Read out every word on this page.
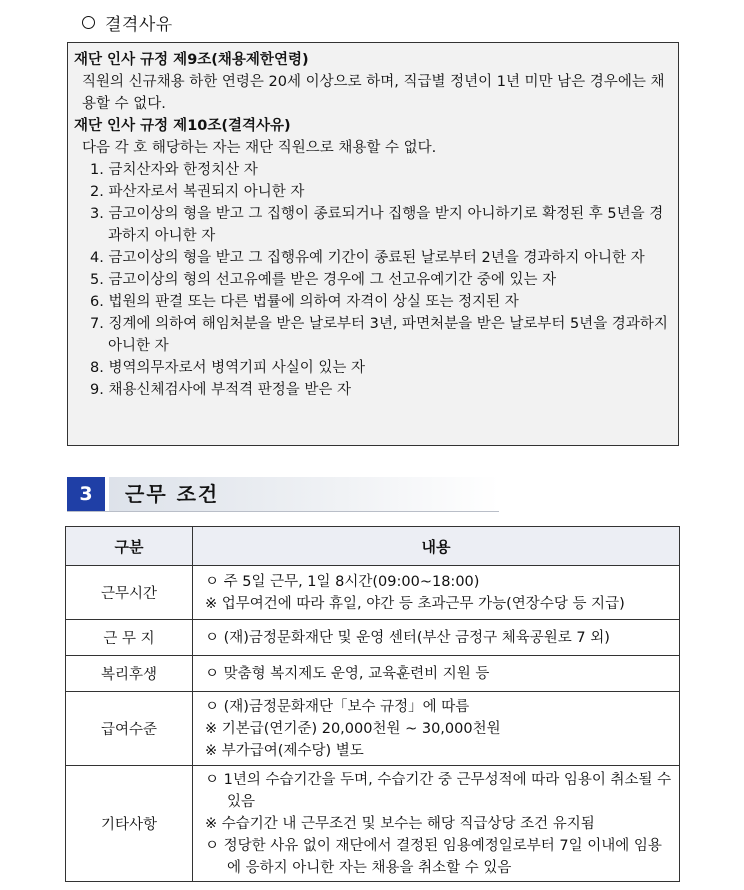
결격사유
재단 인사 규정 제9조(채용제한연령)
직원의 신규채용 하한 연령은 20세 이상으로 하며, 직급별 정년이 1년 미만 남은 경우에는 채용할 수 없다.
재단 인사 규정 제10조(결격사유)
다음 각 호 해당하는 자는 재단 직원으로 채용할 수 없다.
1. 금치산자와 한정치산 자
2. 파산자로서 복권되지 아니한 자
3. 금고이상의 형을 받고 그 집행이 종료되거나 집행을 받지 아니하기로 확정된 후 5년을 경과하지 아니한 자
4. 금고이상의 형을 받고 그 집행유예 기간이 종료된 날로부터 2년을 경과하지 아니한 자
5. 금고이상의 형의 선고유예를 받은 경우에 그 선고유예기간 중에 있는 자
6. 법원의 판결 또는 다른 법률에 의하여 자격이 상실 또는 정지된 자
7. 징계에 의하여 해임처분을 받은 날로부터 3년, 파면처분을 받은 날로부터 5년을 경과하지 아니한 자
8. 병역의무자로서 병역기피 사실이 있는 자
9. 채용신체검사에 부적격 판정을 받은 자
3	근무 조건
구분	내용
근무시간	ㅇ 주 5일 근무, 1일 8시간(09:00~18:00)
※ 업무여건에 따라 휴일, 야간 등 초과근무 가능(연장수당 등 지급)

근 무 지	ㅇ (재)금정문화재단 및 운영 센터(부산 금정구 체육공원로 7 외)

복리후생	ㅇ 맞춤형 복지제도 운영, 교육훈련비 지원 등

급여수준	ㅇ (재)금정문화재단「보수 규정」에 따름
※ 기본급(연기준) 20,000천원 ~ 30,000천원
※ 부가급여(제수당) 별도

기타사항	ㅇ 1년의 수습기간을 두며, 수습기간 중 근무성적에 따라 임용이 취소될 수 있음
※ 수습기간 내 근무조건 및 보수는 해당 직급상당 조건 유지됨
ㅇ 정당한 사유 없이 재단에서 결정된 임용예정일로부터 7일 이내에 임용에 응하지 아니한 자는 채용을 취소할 수 있음
